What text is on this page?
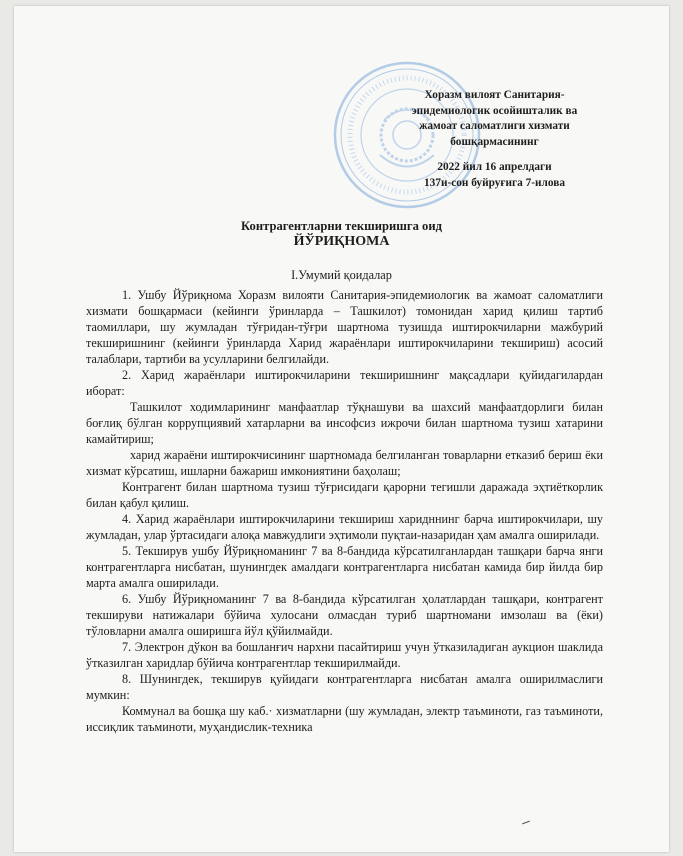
Хоразм вилоят Санитария-
эпидемиологик осойишталик ва
жамоат саломатлиги хизмати
бошқармасининг
2022 йил 16 апрелдаги
137и-сон буйруғига 7-илова
Контрагентларни текширишга оид
ЙЎРИҚНОМА
I.Умумий қоидалар

1. Ушбу Йўриқнома Хоразм вилояти Санитария-эпидемиологик ва жамоат саломатлиги хизмати бошқармаси (кейинги ўринларда – Ташкилот) томонидан харид қилиш тартиб таомиллари, шу жумладан тўғридан-тўғри шартнома тузишда иштирокчиларни мажбурий текширишнинг (кейинги ўринларда Харид жараёнлари иштирокчиларини текшириш) асосий талаблари, тартиби ва усулларини белгилайди.

2. Харид жараёнлари иштирокчиларини текширишнинг мақсадлари қуйидагилардан иборат:

Ташкилот ходимларининг манфаатлар тўқнашуви ва шахсий манфаатдорлиги билан боғлиқ бўлган коррупциявий хатарларни ва инсофсиз ижрочи билан шартнома тузиш хатарини камайтириш;

харид жараёни иштирокчисининг шартномада белгиланган товарларни етказиб бериш ёки хизмат кўрсатиш, ишларни бажариш имкониятини баҳолаш;

Контрагент билан шартнома тузиш тўғрисидаги қарорни тегишли даражада эҳтиёткорлик билан қабул қилиш.

4. Харид жараёнлари иштирокчиларини текшириш харидннинг барча иштирокчилари, шу жумладан, улар ўртасидаги алоқа мавжудлиги эҳтимоли пуқтаи-назаридан ҳам амалга оширилади.

5. Текширув ушбу Йўриқноманинг 7 ва 8-бандида кўрсатилганлардан ташқари барча янги контрагентларга нисбатан, шунингдек амалдаги контрагентларга нисбатан камида бир йилда бир марта амалга оширилади.

6. Ушбу Йўриқноманинг 7 ва 8-бандида кўрсатилган ҳолатлардан ташқари, контрагент текшируви натижалари бўйича хулосани олмасдан туриб шартномани имзолаш ва (ёки) тўловларни амалга оширишга йўл қўйилмайди.

7. Электрон дўкон ва бошланғич нархни пасайтириш учун ўтказиладиган аукцион шаклида ўтказилган харидлар бўйича контрагентлар текширилмайди.

8. Шунингдек, текширув қуйидаги контрагентларга нисбатан амалга оширилмаслиги мумкин:

Коммунал ва бошқа шу каб.· хизматларни (шу жумладан, электр таъминоти, газ таъминоти, иссиқлик таъминоти, муҳандислик-техника
